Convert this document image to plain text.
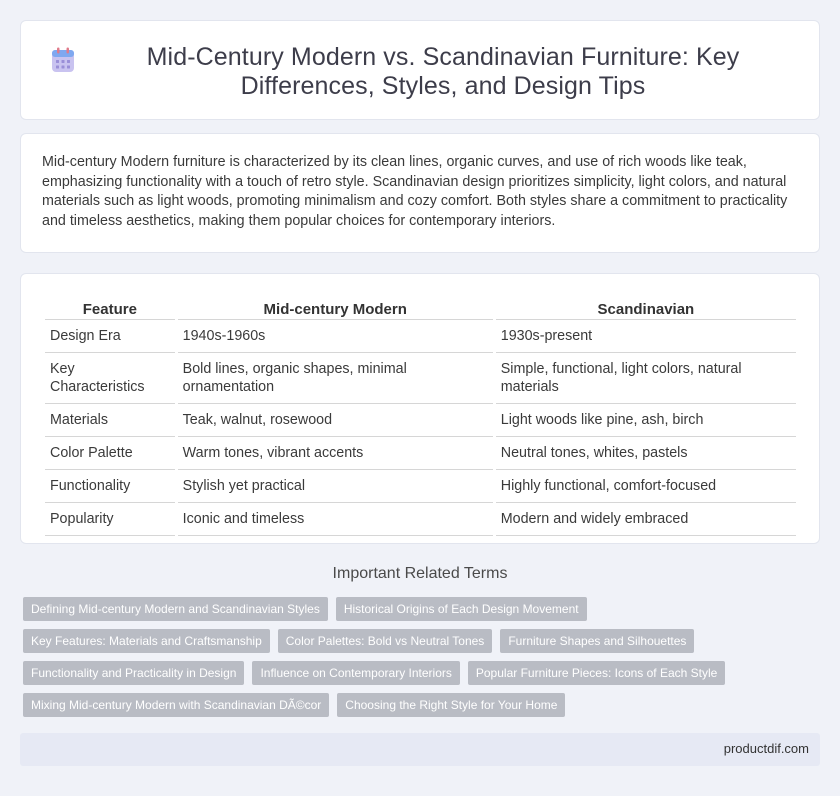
Mid-Century Modern vs. Scandinavian Furniture: Key Differences, Styles, and Design Tips

Mid-century Modern furniture is characterized by its clean lines, organic curves, and use of rich woods like teak, emphasizing functionality with a touch of retro style. Scandinavian design prioritizes simplicity, light colors, and natural materials such as light woods, promoting minimalism and cozy comfort. Both styles share a commitment to practicality and timeless aesthetics, making them popular choices for contemporary interiors.

Feature	Mid-century Modern	Scandinavian
Design Era	1940s-1960s	1930s-present
Key Characteristics	Bold lines, organic shapes, minimal ornamentation	Simple, functional, light colors, natural materials
Materials	Teak, walnut, rosewood	Light woods like pine, ash, birch
Color Palette	Warm tones, vibrant accents	Neutral tones, whites, pastels
Functionality	Stylish yet practical	Highly functional, comfort-focused
Popularity	Iconic and timeless	Modern and widely embraced
Important Related Terms
Defining Mid-century Modern and Scandinavian Styles	Historical Origins of Each Design Movement
Key Features: Materials and Craftsmanship	Color Palettes: Bold vs Neutral Tones	Furniture Shapes and Silhouettes
Functionality and Practicality in Design	Influence on Contemporary Interiors	Popular Furniture Pieces: Icons of Each Style
Mixing Mid-century Modern with Scandinavian DÃ©cor	Choosing the Right Style for Your Home
productdif.com
